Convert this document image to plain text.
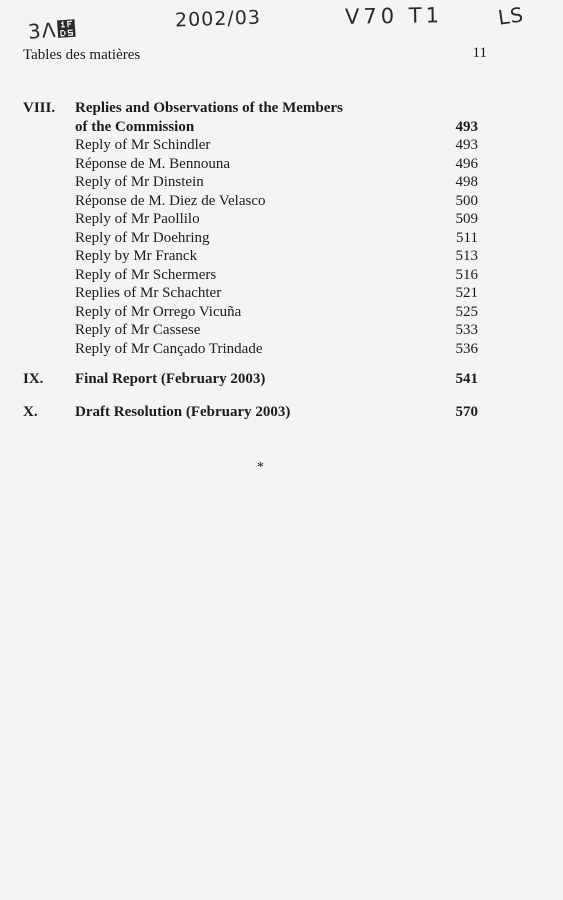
3Λ῕	2002/03	V70 T1	LS
Tables des matières	11
VIII.	Replies and Observations of the Members
of the Commission	493
Reply of Mr Schindler	493
Réponse de M. Bennouna	496
Reply of Mr Dinstein	498
Réponse de M. Diez de Velasco	500
Reply of Mr Paollilo	509
Reply of Mr Doehring	511
Reply by Mr Franck	513
Reply of Mr Schermers	516
Replies of Mr Schachter	521
Reply of Mr Orrego Vicuña	525
Reply of Mr Cassese	533
Reply of Mr Cançado Trindade	536
IX.	Final Report (February 2003)	541
X.	Draft Resolution (February 2003)	570
*
